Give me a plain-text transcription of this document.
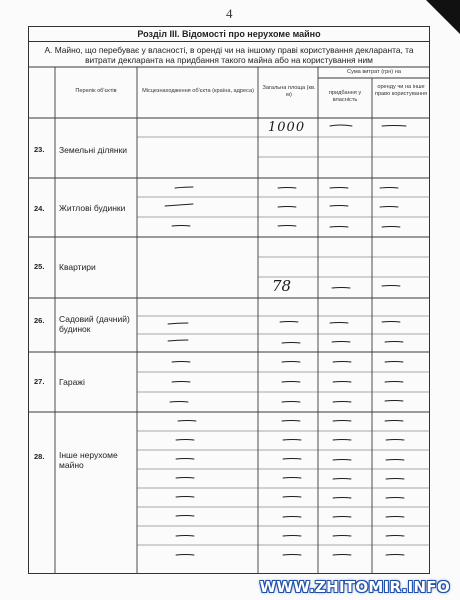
4
Розділ III. Відомості про нерухоме майно
А. Майно, що перебуває у власності, в оренді чи на іншому праві користування декларанта, та витрати декларанта на придбання такого майна або на користування ним
Перелік об'єктів	Місцезнаходження об'єкта (країна, адреса)	Загальна площа (кв. м)
Сума витрат (грн) на
придбання у власність
оренду чи на інше право користування
23. Земельні ділянки
24. Житлові будинки
25. Квартири
26. Садовий (дачний) будинок
27. Гаражі
28. Інше нерухоме майно
1000
78
WWW.ZHITOMIR.INFO
